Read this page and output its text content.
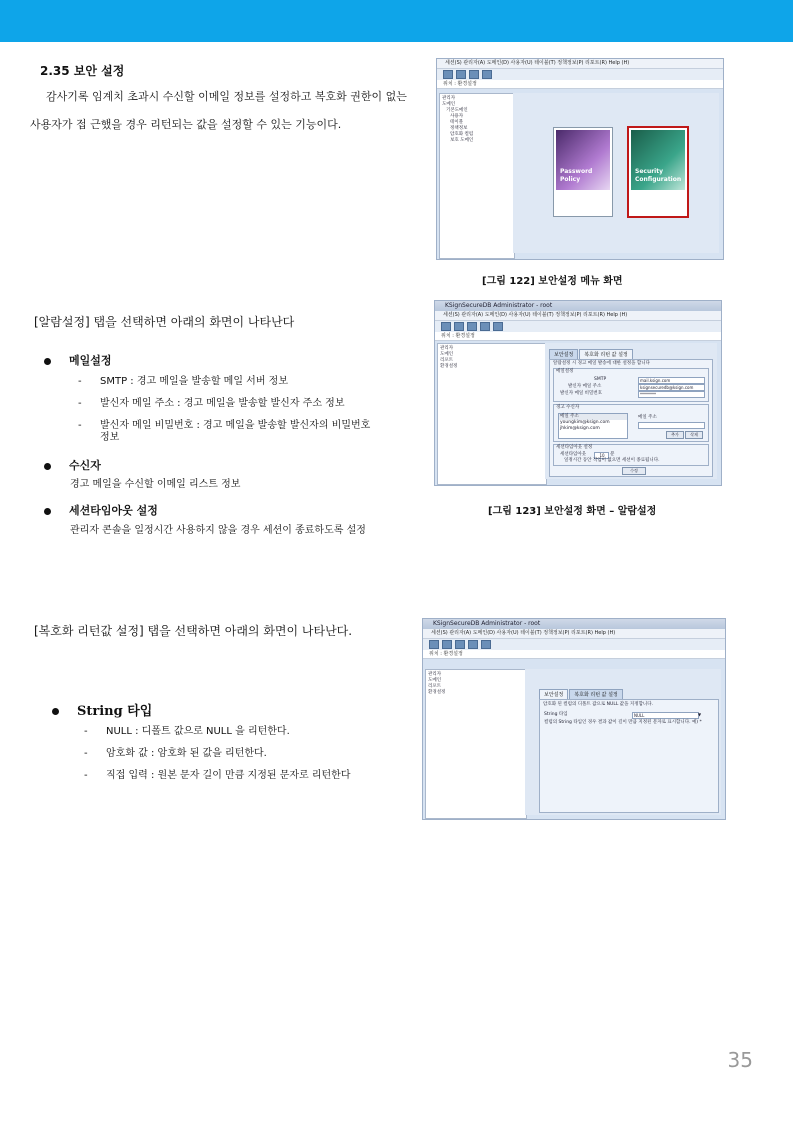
2.35 보안 설정
감사기록 임계치 초과시 수신할 이메일 정보를 설정하고 복호화 권한이 없는
사용자가 접 근했을 경우 리턴되는 값을 설정할 수 있는 기능이다.
세션(S) 관리자(A) 도메인(D) 사용자(U) 테이블(T) 정책정보(P) 리포트(R) Help (H)
위치 : 환경설정
관리자
도메인
기본도메인
사용자
테이블
정책정보
암호화 컬럼
보호 도메인
Password Policy
Security Configuration
[그림 122] 보안설정 메뉴 화면
[알람설정] 탭을 선택하면 아래의 화면이 나타난다
메일설정
- SMTP : 경고 메일을 발송할 메일 서버 정보
- 발신자 메일 주소 : 경고 메일을 발송할 발신자 주소 정보
- 발신자 메일 비밀번호 : 경고 메일을 발송할 발신자의 비밀번호
정보
수신자
경고 메일을 수신할 이메일 리스트 정보
세션타임아웃 설정
관리자 콘솔을 일정시간 사용하지 않을 경우 세션이 종료하도록 설정
KSignSecureDB Administrator - root
세션(S) 관리자(A) 도메인(D) 사용자(U) 테이블(T) 정책정보(P) 리포트(R) Help (H)
위치 : 환경설정
관리자
도메인
리포트
환경설정
보안설정 복호화 리턴 값 설정
알람설정 시 경고 메일 발송에 대한 설정을 합니다
메일설정
SMTP	mail.ksign.com
발신자 메일 주소	ksignsecuredb@ksign.com
발신자 메일 비밀번호	********
경고 수신자
메일 주소
youngkim@ksign.com
jhkim@ksign.com
메일 주소
추가	삭제
세션타임아웃 설정
세션타임아웃	10	분
일정시간 동안 작업이 없으면 세션이 종료됩니다.
수정
[그림 123] 보안설정 화면 – 알람설정
[복호화 리턴값 설정] 탭을 선택하면 아래의 화면이 나타난다.
String 타입
- NULL : 디폴트 값으로 NULL 을 리턴한다.
- 암호화 값 : 암호화 된 값을 리턴한다.
- 직접 입력 : 원본 문자 길이 만큼 지정된 문자로 리턴한다
KSignSecureDB Administrator - root
세션(S) 관리자(A) 도메인(D) 사용자(U) 테이블(T) 정책정보(P) 리포트(R) Help (H)
위치 : 환경설정
관리자
도메인
리포트
환경설정	보안설정 복호화 리턴 값 설정
암호화 된 컬럼의 디폴트 값으로 NULL 값을 지정합니다.
String 타입	NULL	▼
컬럼의 String 타입인 경우 결과 값이 길이 만큼 지정된 문자로 표시합니다. 예) *
35
